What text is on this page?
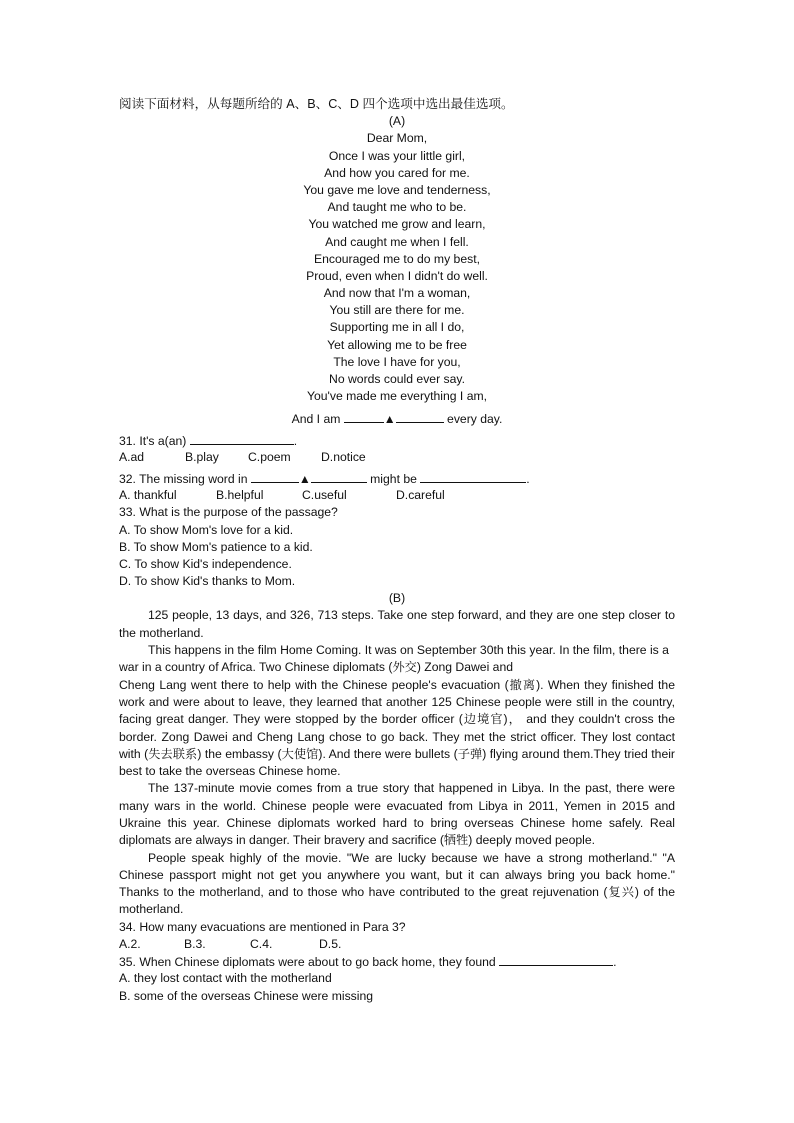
阅读下面材料，从每题所给的 A、B、C、D 四个选项中选出最佳选项。
(A)
Dear Mom,
Once I was your little girl,
And how you cared for me.
You gave me love and tenderness,
And taught me who to be.
You watched me grow and learn,
And caught me when I fell.
Encouraged me to do my best,
Proud, even when I didn't do well.
And now that I'm a woman,
You still are there for me.
Supporting me in all I do,
Yet allowing me to be free
The love I have for you,
No words could ever say.
You've made me everything I am,
And I am	▲	every day.
31. It's a(an)	.
A.ad	B.play C.poem D.notice
32. The missing word in	▲	might be	.
A. thankful	B.helpful	C.useful	D.careful
33. What is the purpose of the passage?
A. To show Mom's love for a kid.
B. To show Mom's patience to a kid.
C. To show Kid's independence.
D. To show Kid's thanks to Mom.
(B)
125 people, 13 days, and 326, 713 steps. Take one step forward, and they are one step closer to the motherland.
This happens in the film Home Coming. It was on September 30th this year. In the film, there is a war in a country of Africa. Two Chinese diplomats (外交) Zong Dawei and
Cheng Lang went there to help with the Chinese people's evacuation (撤离). When they finished the work and were about to leave, they learned that another 125 Chinese people were still in the country, facing great danger. They were stopped by the border officer (边境官)， and they couldn't cross the border. Zong Dawei and Cheng Lang chose to go back. They met the strict officer. They lost contact with (失去联系) the embassy (大使馆). And there were bullets (子弹) flying around them.They tried their best to take the overseas Chinese home.
The 137-minute movie comes from a true story that happened in Libya. In the past, there were many wars in the world. Chinese people were evacuated from Libya in 2011, Yemen in 2015 and Ukraine this year. Chinese diplomats worked hard to bring overseas Chinese home safely. Real diplomats are always in danger. Their bravery and sacrifice (牺牲) deeply moved people.
People speak highly of the movie. "We are lucky because we have a strong motherland." "A Chinese passport might not get you anywhere you want, but it can always bring you back home." Thanks to the motherland, and to those who have contributed to the great rejuvenation (复兴) of the motherland.
34. How many evacuations are mentioned in Para 3?
A.2.	B.3.	C.4.	D.5.
35. When Chinese diplomats were about to go back home, they found	.
A. they lost contact with the motherland
B. some of the overseas Chinese were missing
